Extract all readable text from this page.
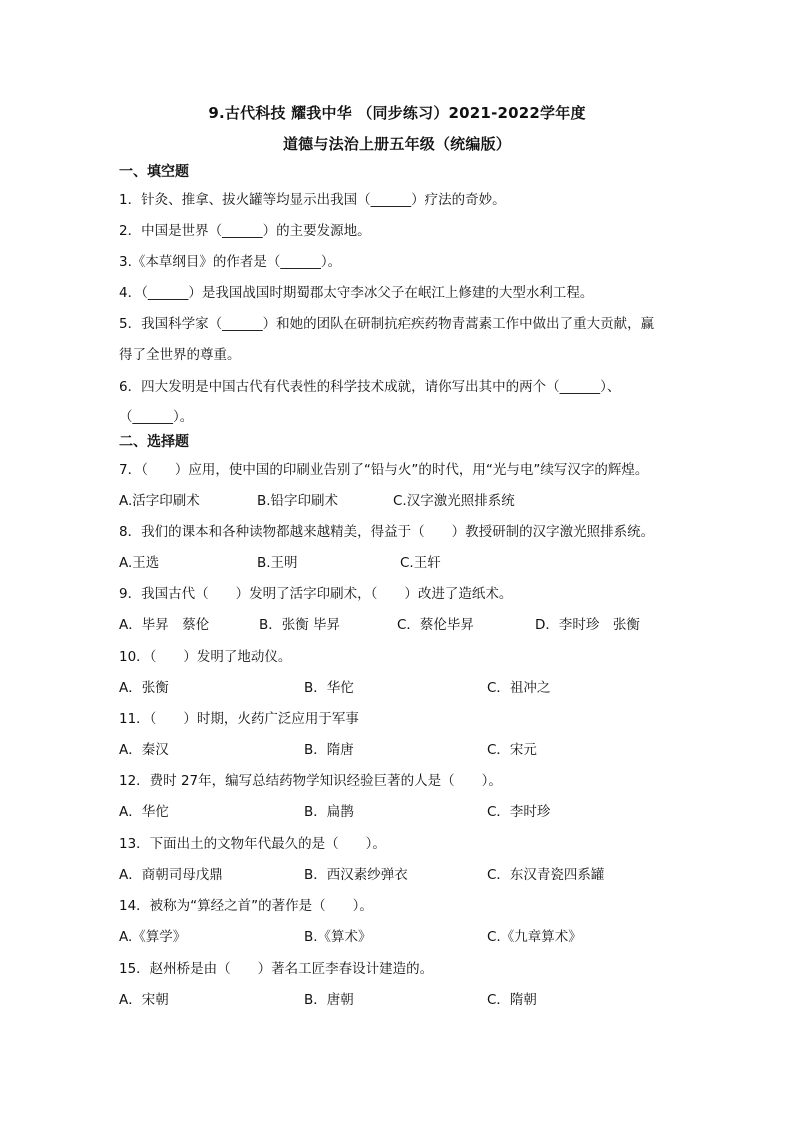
9.古代科技 耀我中华 （同步练习）2021-2022学年度
道德与法治上册五年级（统编版）
一、填空题
1．针灸、推拿、拔火罐等均显示出我国（______）疗法的奇妙。
2．中国是世界（______）的主要发源地。
3.《本草纲目》的作者是（______）。
4．（______）是我国战国时期蜀郡太守李冰父子在岷江上修建的大型水利工程。
5．我国科学家（______）和她的团队在研制抗疟疾药物青蒿素工作中做出了重大贡献，赢
得了全世界的尊重。
6．四大发明是中国古代有代表性的科学技术成就，请你写出其中的两个（______）、
（______）。
二、选择题
7．（　　）应用，使中国的印刷业告别了“铅与火”的时代，用“光与电”续写汉字的辉煌。
A.活字印刷术	B.铅字印刷术	C.汉字激光照排系统
8．我们的课本和各种读物都越来越精美，得益于（　　）教授研制的汉字激光照排系统。
A.王选	B.王明	C.王轩
9．我国古代（　　）发明了活字印刷术，（　　）改进了造纸术。
A．毕昇　蔡伦	B．张衡 毕昇	C．蔡伦毕昇	D．李时珍　张衡
10．（　　）发明了地动仪。
A．张衡	B．华佗	C．祖冲之
11．（　　）时期，火药广泛应用于军事
A．秦汉	B．隋唐	C．宋元
12．费时 27年，编写总结药物学知识经验巨著的人是（　　）。
A．华佗	B．扁鹊	C．李时珍
13．下面出土的文物年代最久的是（　　）。
A．商朝司母戊鼎	B．西汉素纱弹衣	C．东汉青瓷四系罐
14．被称为“算经之首”的著作是（　　）。
A.《算学》	B.《算术》	C.《九章算术》
15．赵州桥是由（　　）著名工匠李春设计建造的。
A．宋朝	B．唐朝	C．隋朝
